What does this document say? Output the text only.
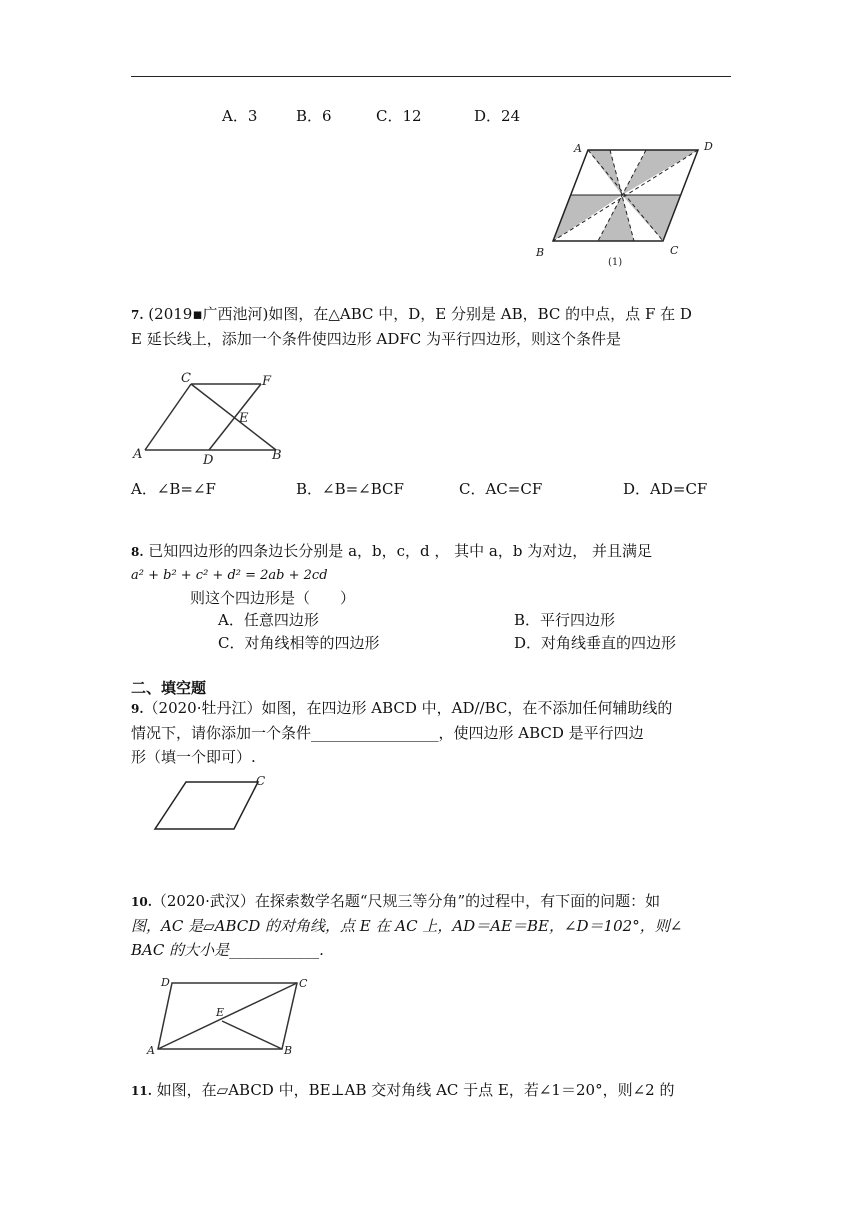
A．3	B．6	C．12	D．24
A	D
B	C
(1)
7. (2019▪广西池河)如图，在△ABC 中，D，E 分别是 AB，BC 的中点，点 F 在 D
E 延长线上，添加一个条件使四边形 ADFC 为平行四边形，则这个条件是
A	B
C
D
E
F
A．∠B=∠F	B．∠B=∠BCF	C．AC=CF	D．AD=CF
8. 已知四边形的四条边长分别是 a，b，c，d ， 其中 a，b 为对边， 并且满足
a² + b² + c² + d² = 2ab + 2cd
则这个四边形是（　　）
A．任意四边形	B．平行四边形
C．对角线相等的四边形	D．对角线垂直的四边形
二、填空题
9.（2020·牡丹江）如图，在四边形 ABCD 中，AD//BC，在不添加任何辅助线的
情况下，请你添加一个条件_________________，使四边形 ABCD 是平行四边
形（填一个即可）.
C
10.（2020·武汉）在探索数学名题“尺规三等分角”的过程中，有下面的问题：如
图，AC 是▱ABCD 的对角线，点 E 在 AC 上，AD＝AE＝BE，∠D＝102°，则∠
BAC 的大小是____________.
D	C
A	B
E
11. 如图，在▱ABCD 中，BE⊥AB 交对角线 AC 于点 E，若∠1＝20°，则∠2 的
